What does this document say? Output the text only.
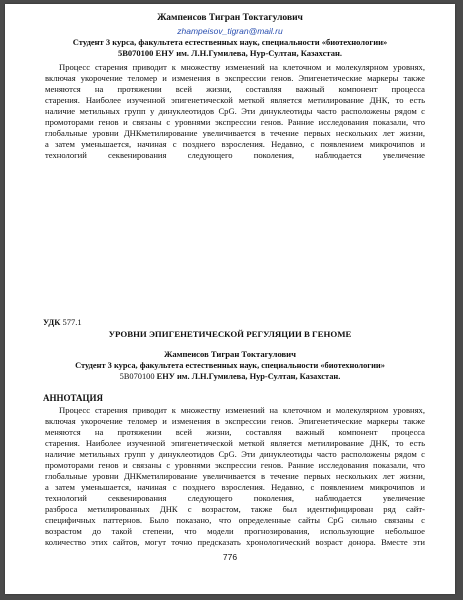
Жампеисов Тигран Токтагулович
zhampeisov_tigran@mail.ru
Студент 3 курса, факультета естественных наук, специальности «биотехнологии»
5В070100 ЕНУ им. Л.Н.Гумилева, Нур-Султан, Казахстан.
Процесс старения приводит к множеству изменений на клеточном и молекулярном уровнях,
включая укорочение теломер и изменения в экспрессии генов. Эпигенетические маркеры также
меняются на протяжении всей жизни, составляя важный компонент процесса
старения. Наиболее изученной эпигенетической меткой является метилирование ДНК, то есть
наличие метильных групп у динуклеотидов CpG. Эти динуклеотиды часто расположены рядом с
промоторами генов и связаны с уровнями экспрессии генов. Ранние исследования показали, что
глобальные уровни ДНКметилирование увеличивается в течение первых нескольких лет жизни,
а затем уменьшается, начиная с позднего взросления. Недавно, с появлением микрочипов и
технологий секвенирования следующего поколения, наблюдается увеличение
УДК 577.1
УРОВНИ ЭПИГЕНЕТИЧЕСКОЙ РЕГУЛЯЦИИ В ГЕНОМЕ
Жампеисов Тигран Токтагулович
Студент 3 курса, факультета естественных наук, специальности «биотехнологии»
5В070100 ЕНУ им. Л.Н.Гумилева, Нур-Султан, Казахстан.
АННОТАЦИЯ
Процесс старения приводит к множеству изменений на клеточном и молекулярном уровнях,
включая укорочение теломер и изменения в экспрессии генов. Эпигенетические маркеры также
меняются на протяжении всей жизни, составляя важный компонент процесса
старения. Наиболее изученной эпигенетической меткой является метилирование ДНК, то есть
наличие метильных групп у динуклеотидов CpG. Эти динуклеотиды часто расположены рядом с
промоторами генов и связаны с уровнями экспрессии генов. Ранние исследования показали, что
глобальные уровни ДНКметилирование увеличивается в течение первых нескольких лет жизни,
а затем уменьшается, начиная с позднего взросления. Недавно, с появлением микрочипов и
технологий секвенирования следующего поколения, наблюдается увеличение
разброса метилированных ДНК с возрастом, также был идентифицирован ряд сайт-
специфичных паттернов. Было показано, что определенные сайты CpG сильно связаны с
возрастом до такой степени, что модели прогнозирования, использующие небольшое
количество этих сайтов, могут точно предсказать хронологический возраст донора. Вместе эти
776
